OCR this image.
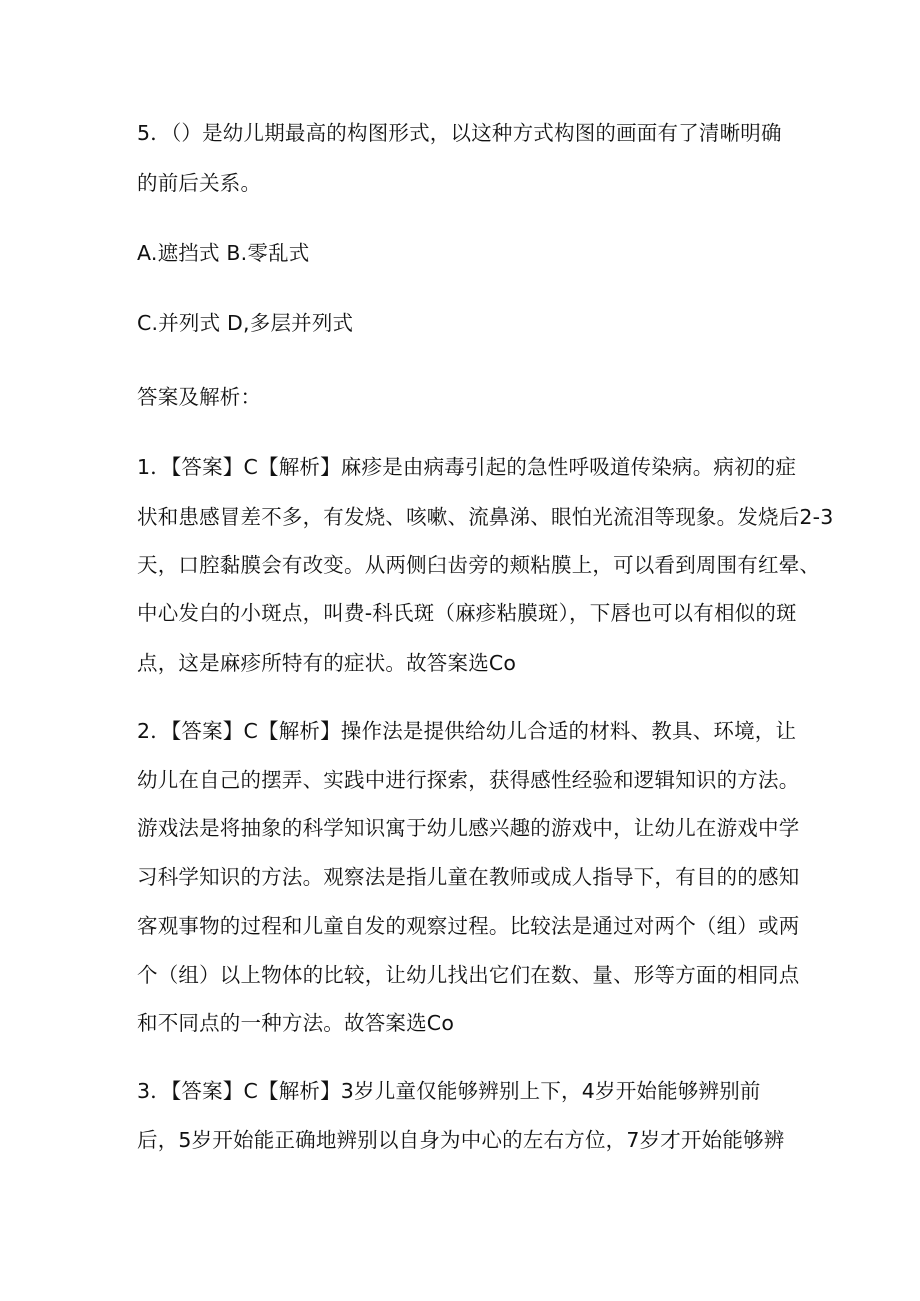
5．（）是幼儿期最高的构图形式，以这种方式构图的画面有了清晰明确
的前后关系。
A.遮挡式 B.零乱式
C.并列式 D,多层并列式
答案及解析：
1．【答案】C【解析】麻疹是由病毒引起的急性呼吸道传染病。病初的症
状和患感冒差不多，有发烧、咳嗽、流鼻涕、眼怕光流泪等现象。发烧后2-3
天，口腔黏膜会有改变。从两侧臼齿旁的颊粘膜上，可以看到周围有红晕、
中心发白的小斑点，叫费-科氏斑（麻疹粘膜斑），下唇也可以有相似的斑
点，这是麻疹所特有的症状。故答案选Co
2．【答案】C【解析】操作法是提供给幼儿合适的材料、教具、环境，让
幼儿在自己的摆弄、实践中进行探索，获得感性经验和逻辑知识的方法。
游戏法是将抽象的科学知识寓于幼儿感兴趣的游戏中，让幼儿在游戏中学
习科学知识的方法。观察法是指儿童在教师或成人指导下，有目的的感知
客观事物的过程和儿童自发的观察过程。比较法是通过对两个（组）或两
个（组）以上物体的比较，让幼儿找出它们在数、量、形等方面的相同点
和不同点的一种方法。故答案选Co
3．【答案】C【解析】3岁儿童仅能够辨别上下，4岁开始能够辨别前
后，5岁开始能正确地辨别以自身为中心的左右方位，7岁才开始能够辨
